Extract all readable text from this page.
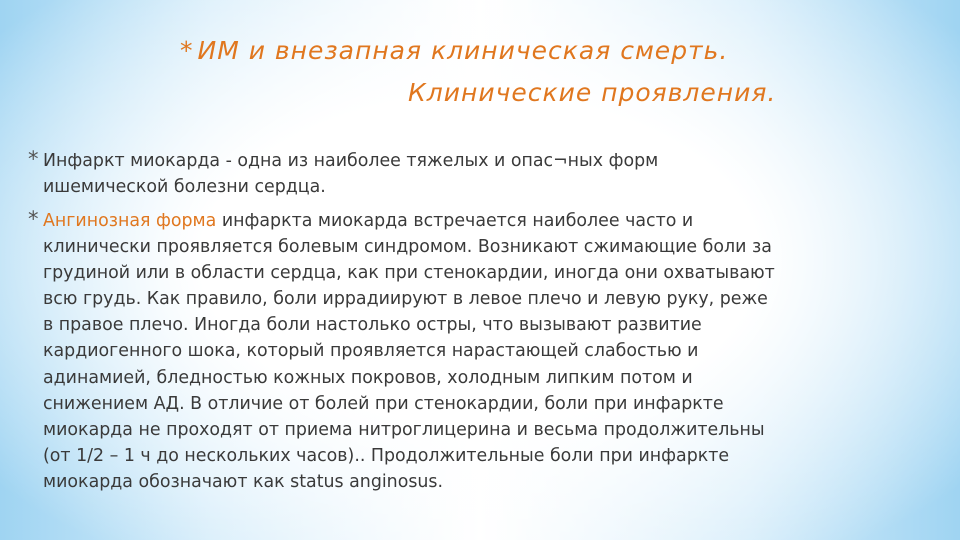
* ИМ и внезапная клиническая смерть.
Клинические проявления.
* Инфаркт миокарда - одна из наиболее тяжелых и опас¬ных форм
ишемической болезни сердца.
* Ангинозная форма инфаркта миокарда встречается наиболее часто и
клинически проявляется болевым синдромом. Возникают сжимающие боли за
грудиной или в области сердца, как при стенокардии, иногда они охватывают
всю грудь. Как правило, боли иррадиируют в левое плечо и левую руку, реже
в правое плечо. Иногда боли настолько остры, что вызывают развитие
кардиогенного шока, который проявляется нарастающей слабостью и
адинамией, бледностью кожных покровов, холодным липким потом и
снижением АД. В отличие от болей при стенокардии, боли при инфаркте
миокарда не проходят от приема нитроглицерина и весьма продолжительны
(от 1/2 – 1 ч до нескольких часов).. Продолжительные боли при инфаркте
миокарда обозначают как status anginosus.
